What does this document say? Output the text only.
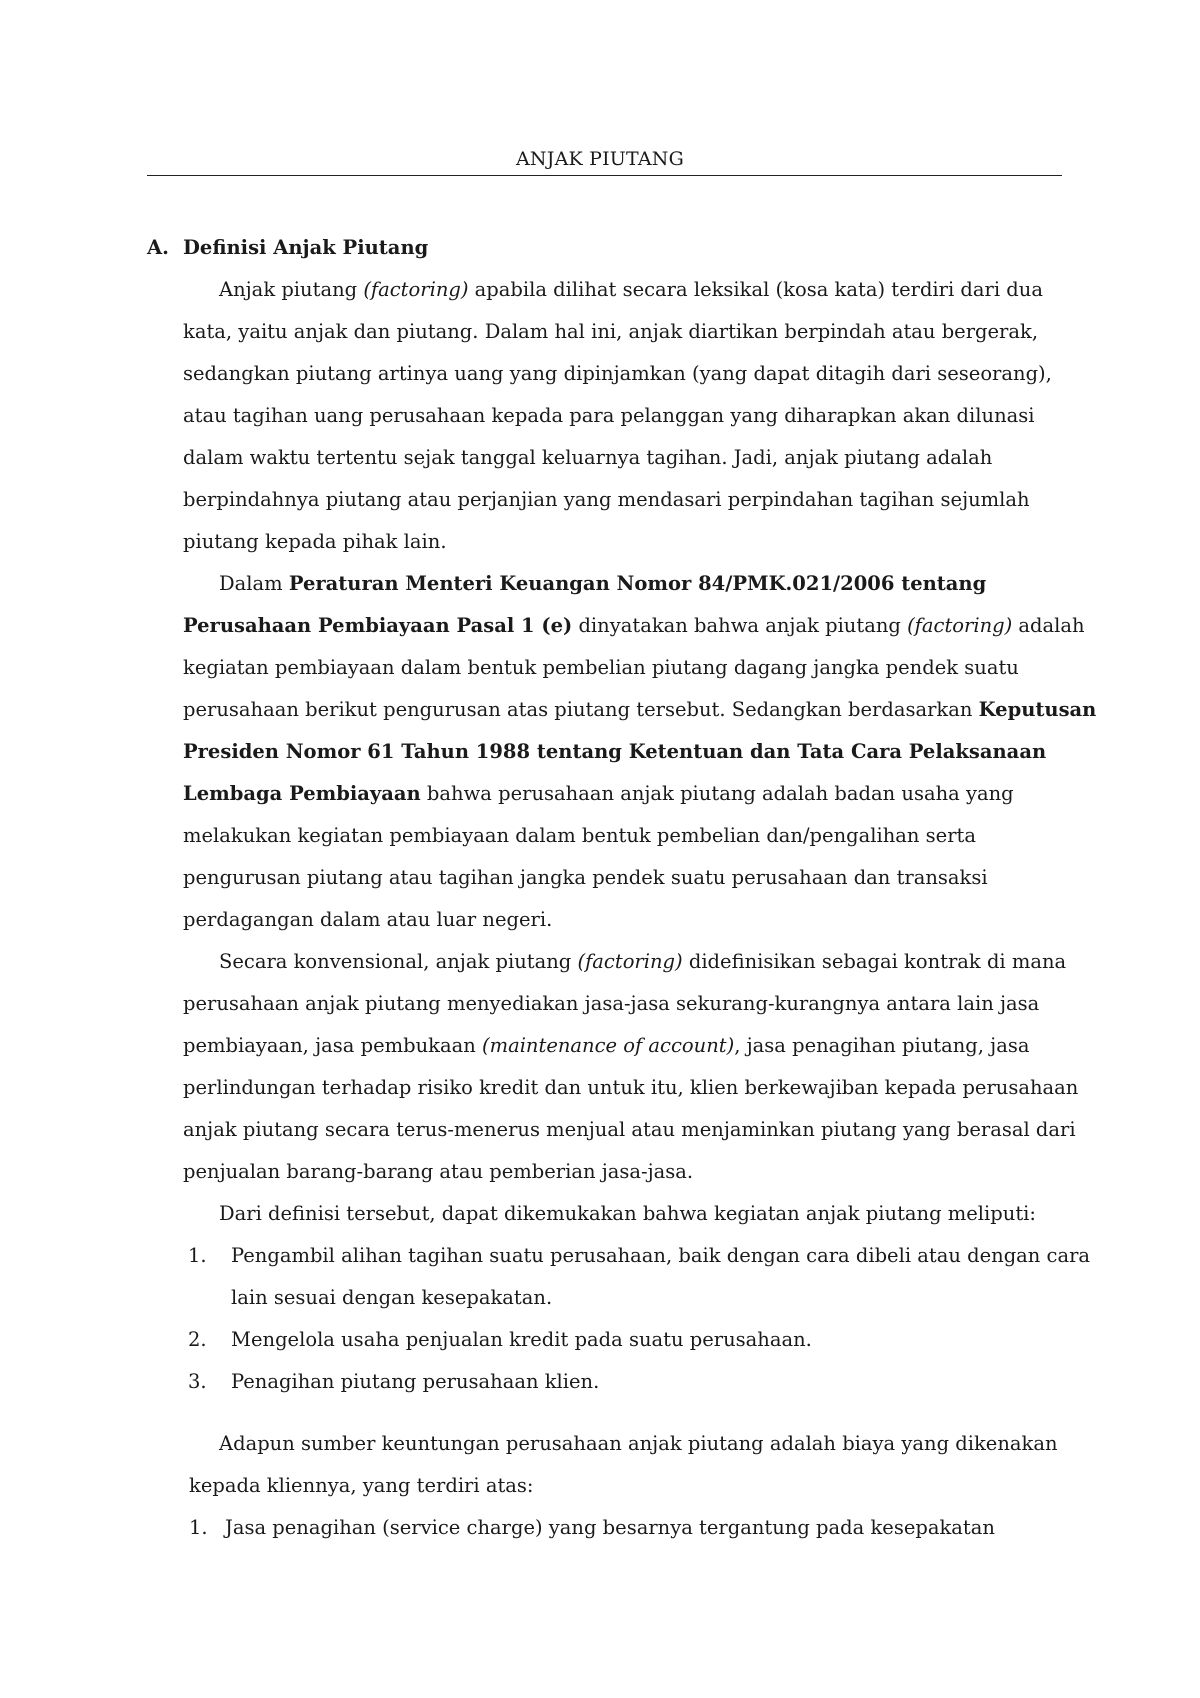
ANJAK PIUTANG
A. Definisi Anjak Piutang
Anjak piutang (factoring) apabila dilihat secara leksikal (kosa kata) terdiri dari dua
kata, yaitu anjak dan piutang. Dalam hal ini, anjak diartikan berpindah atau bergerak,
sedangkan piutang artinya uang yang dipinjamkan (yang dapat ditagih dari seseorang),
atau tagihan uang perusahaan kepada para pelanggan yang diharapkan akan dilunasi
dalam waktu tertentu sejak tanggal keluarnya tagihan. Jadi, anjak piutang adalah
berpindahnya piutang atau perjanjian yang mendasari perpindahan tagihan sejumlah
piutang kepada pihak lain.
Dalam Peraturan Menteri Keuangan Nomor 84/PMK.021/2006 tentang
Perusahaan Pembiayaan Pasal 1 (e) dinyatakan bahwa anjak piutang (factoring) adalah
kegiatan pembiayaan dalam bentuk pembelian piutang dagang jangka pendek suatu
perusahaan berikut pengurusan atas piutang tersebut. Sedangkan berdasarkan Keputusan
Presiden Nomor 61 Tahun 1988 tentang Ketentuan dan Tata Cara Pelaksanaan
Lembaga Pembiayaan bahwa perusahaan anjak piutang adalah badan usaha yang
melakukan kegiatan pembiayaan dalam bentuk pembelian dan/pengalihan serta
pengurusan piutang atau tagihan jangka pendek suatu perusahaan dan transaksi
perdagangan dalam atau luar negeri.
Secara konvensional, anjak piutang (factoring) didefinisikan sebagai kontrak di mana
perusahaan anjak piutang menyediakan jasa-jasa sekurang-kurangnya antara lain jasa
pembiayaan, jasa pembukaan (maintenance of account), jasa penagihan piutang, jasa
perlindungan terhadap risiko kredit dan untuk itu, klien berkewajiban kepada perusahaan
anjak piutang secara terus-menerus menjual atau menjaminkan piutang yang berasal dari
penjualan barang-barang atau pemberian jasa-jasa.
Dari definisi tersebut, dapat dikemukakan bahwa kegiatan anjak piutang meliputi:
1. Pengambil alihan tagihan suatu perusahaan, baik dengan cara dibeli atau dengan cara
lain sesuai dengan kesepakatan.
2. Mengelola usaha penjualan kredit pada suatu perusahaan.
3. Penagihan piutang perusahaan klien.
Adapun sumber keuntungan perusahaan anjak piutang adalah biaya yang dikenakan
kepada kliennya, yang terdiri atas:
1. Jasa penagihan (service charge) yang besarnya tergantung pada kesepakatan
